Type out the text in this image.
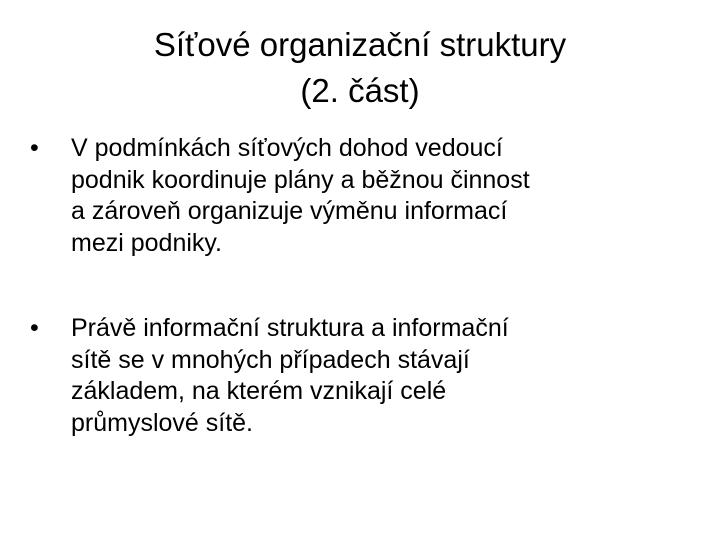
Síťové organizační struktury
(2. část)
•	V podmínkách síťových dohod vedoucí
podnik koordinuje plány a běžnou činnost
a zároveň organizuje výměnu informací
mezi podniky.
•	Právě informační struktura a informační
sítě se v mnohých případech stávají
základem, na kterém vznikají celé
průmyslové sítě.
